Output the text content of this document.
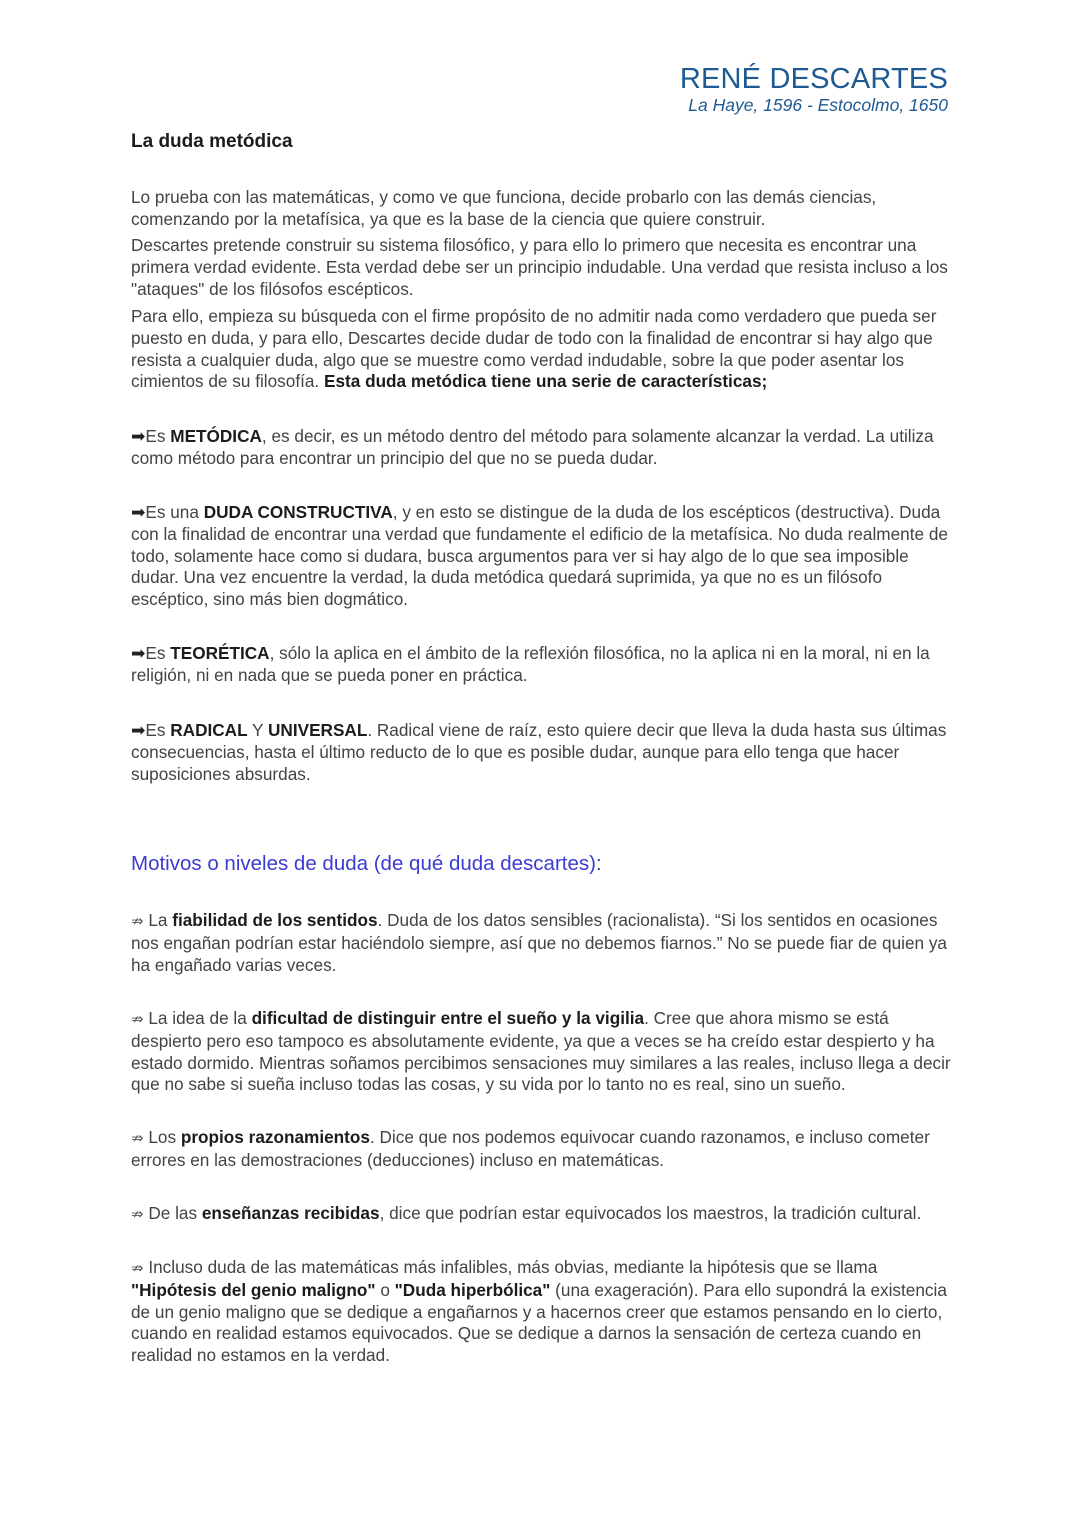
RENÉ DESCARTES
La Haye, 1596 - Estocolmo, 1650
La duda metódica

Lo prueba con las matemáticas, y como ve que funciona, decide probarlo con las demás ciencias, comenzando por la metafísica, ya que es la base de la ciencia que quiere construir.

Descartes pretende construir su sistema filosófico, y para ello lo primero que necesita es encontrar una primera verdad evidente. Esta verdad debe ser un principio indudable. Una verdad que resista incluso a los "ataques" de los filósofos escépticos.

Para ello, empieza su búsqueda con el firme propósito de no admitir nada como verdadero que pueda ser puesto en duda, y para ello, Descartes decide dudar de todo con la finalidad de encontrar si hay algo que resista a cualquier duda, algo que se muestre como verdad indudable, sobre la que poder asentar los cimientos de su filosofía. Esta duda metódica tiene una serie de características;

➡Es METÓDICA, es decir, es un método dentro del método para solamente alcanzar la verdad. La utiliza como método para encontrar un principio del que no se pueda dudar.

➡Es una DUDA CONSTRUCTIVA, y en esto se distingue de la duda de los escépticos (destructiva). Duda con la finalidad de encontrar una verdad que fundamente el edificio de la metafísica. No duda realmente de todo, solamente hace como si dudara, busca argumentos para ver si hay algo de lo que sea imposible dudar. Una vez encuentre la verdad, la duda metódica quedará suprimida, ya que no es un filósofo escéptico, sino más bien dogmático.

➡Es TEORÉTICA, sólo la aplica en el ámbito de la reflexión filosófica, no la aplica ni en la moral, ni en la religión, ni en nada que se pueda poner en práctica.

➡Es RADICAL Y UNIVERSAL. Radical viene de raíz, esto quiere decir que lleva la duda hasta sus últimas consecuencias, hasta el último reducto de lo que es posible dudar, aunque para ello tenga que hacer suposiciones absurdas.

Motivos o niveles de duda (de qué duda descartes):

⇏ La fiabilidad de los sentidos. Duda de los datos sensibles (racionalista). “Si los sentidos en ocasiones nos engañan podrían estar haciéndolo siempre, así que no debemos fiarnos.” No se puede fiar de quien ya ha engañado varias veces.

⇏ La idea de la dificultad de distinguir entre el sueño y la vigilia. Cree que ahora mismo se está despierto pero eso tampoco es absolutamente evidente, ya que a veces se ha creído estar despierto y ha estado dormido. Mientras soñamos percibimos sensaciones muy similares a las reales, incluso llega a decir que no sabe si sueña incluso todas las cosas, y su vida por lo tanto no es real, sino un sueño.

⇏ Los propios razonamientos. Dice que nos podemos equivocar cuando razonamos, e incluso cometer errores en las demostraciones (deducciones) incluso en matemáticas.

⇏ De las enseñanzas recibidas, dice que podrían estar equivocados los maestros, la tradición cultural.

⇏ Incluso duda de las matemáticas más infalibles, más obvias, mediante la hipótesis que se llama "Hipótesis del genio maligno" o "Duda hiperbólica" (una exageración). Para ello supondrá la existencia de un genio maligno que se dedique a engañarnos y a hacernos creer que estamos pensando en lo cierto, cuando en realidad estamos equivocados. Que se dedique a darnos la sensación de certeza cuando en realidad no estamos en la verdad.
